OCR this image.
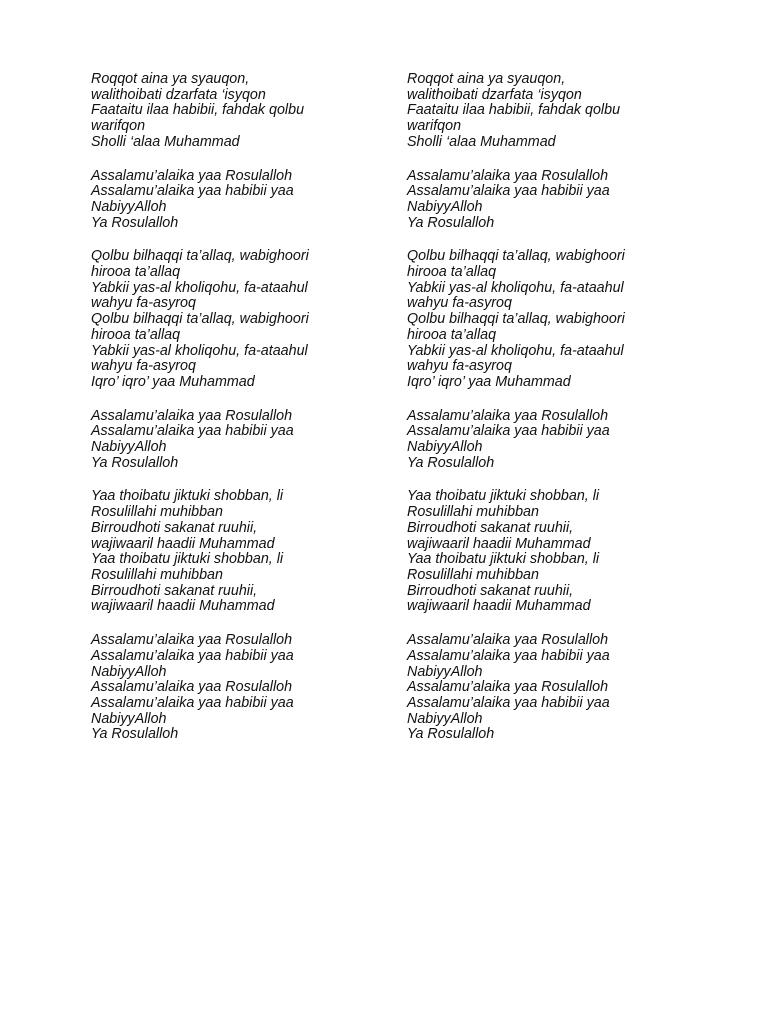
Roqqot aina ya syauqon,
walithoibati dzarfata ‘isyqon
Faataitu ilaa habibii, fahdak qolbu
warifqon
Sholli ‘alaa Muhammad
Assalamu’alaika yaa Rosulalloh
Assalamu’alaika yaa habibii yaa
NabiyyAlloh
Ya Rosulalloh
Qolbu bilhaqqi ta’allaq, wabighoori
hirooa ta’allaq
Yabkii yas-al kholiqohu, fa-ataahul
wahyu fa-asyroq
Qolbu bilhaqqi ta’allaq, wabighoori
hirooa ta’allaq
Yabkii yas-al kholiqohu, fa-ataahul
wahyu fa-asyroq
Iqro’ iqro’ yaa Muhammad
Assalamu’alaika yaa Rosulalloh
Assalamu’alaika yaa habibii yaa
NabiyyAlloh
Ya Rosulalloh
Yaa thoibatu jiktuki shobban, li
Rosulillahi muhibban
Birroudhoti sakanat ruuhii,
wajiwaaril haadii Muhammad
Yaa thoibatu jiktuki shobban, li
Rosulillahi muhibban
Birroudhoti sakanat ruuhii,
wajiwaaril haadii Muhammad
Assalamu’alaika yaa Rosulalloh
Assalamu’alaika yaa habibii yaa
NabiyyAlloh
Assalamu’alaika yaa Rosulalloh
Assalamu’alaika yaa habibii yaa
NabiyyAlloh
Ya Rosulalloh
Roqqot aina ya syauqon,
walithoibati dzarfata ‘isyqon
Faataitu ilaa habibii, fahdak qolbu
warifqon
Sholli ‘alaa Muhammad
Assalamu’alaika yaa Rosulalloh
Assalamu’alaika yaa habibii yaa
NabiyyAlloh
Ya Rosulalloh
Qolbu bilhaqqi ta’allaq, wabighoori
hirooa ta’allaq
Yabkii yas-al kholiqohu, fa-ataahul
wahyu fa-asyroq
Qolbu bilhaqqi ta’allaq, wabighoori
hirooa ta’allaq
Yabkii yas-al kholiqohu, fa-ataahul
wahyu fa-asyroq
Iqro’ iqro’ yaa Muhammad
Assalamu’alaika yaa Rosulalloh
Assalamu’alaika yaa habibii yaa
NabiyyAlloh
Ya Rosulalloh
Yaa thoibatu jiktuki shobban, li
Rosulillahi muhibban
Birroudhoti sakanat ruuhii,
wajiwaaril haadii Muhammad
Yaa thoibatu jiktuki shobban, li
Rosulillahi muhibban
Birroudhoti sakanat ruuhii,
wajiwaaril haadii Muhammad
Assalamu’alaika yaa Rosulalloh
Assalamu’alaika yaa habibii yaa
NabiyyAlloh
Assalamu’alaika yaa Rosulalloh
Assalamu’alaika yaa habibii yaa
NabiyyAlloh
Ya Rosulalloh
